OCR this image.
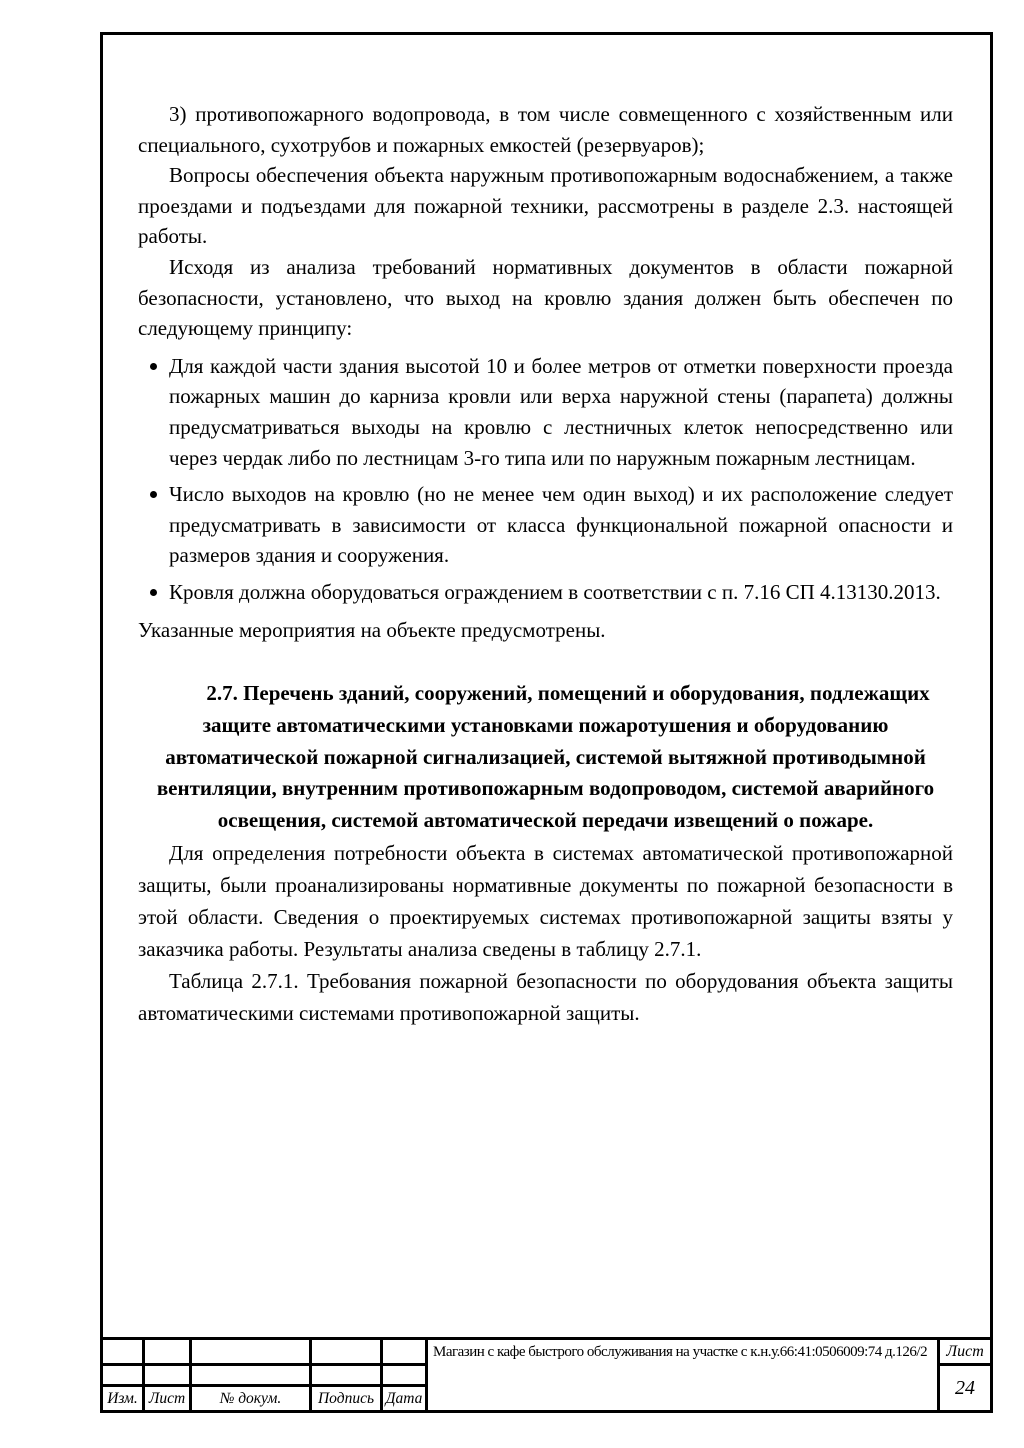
3) противопожарного водопровода, в том числе совмещенного с хозяйственным или специального, сухотрубов и пожарных емкостей (резервуаров);

Вопросы обеспечения объекта наружным противопожарным водоснабжением, а также проездами и подъездами для пожарной техники, рассмотрены в разделе 2.3. настоящей работы.

Исходя из анализа требований нормативных документов в области пожарной безопасности, установлено, что выход на кровлю здания должен быть обеспечен по следующему принципу:

Для каждой части здания высотой 10 и более метров от отметки поверхности проезда пожарных машин до карниза кровли или верха наружной стены (парапета) должны предусматриваться выходы на кровлю с лестничных клеток непосредственно или через чердак либо по лестницам 3-го типа или по наружным пожарным лестницам.
Число выходов на кровлю (но не менее чем один выход) и их расположение следует предусматривать в зависимости от класса функциональной пожарной опасности и размеров здания и сооружения.
Кровля должна оборудоваться ограждением в соответствии с п. 7.16 СП 4.13130.2013.

Указанные мероприятия на объекте предусмотрены.

2.7. Перечень зданий, сооружений, помещений и оборудования, подлежащих защите автоматическими установками пожаротушения и оборудованию автоматической пожарной сигнализацией, системой вытяжной противодымной вентиляции, внутренним противопожарным водопроводом, системой аварийного освещения, системой автоматической передачи извещений о пожаре.

Для определения потребности объекта в системах автоматической противопожарной защиты, были проанализированы нормативные документы по пожарной безопасности в этой области. Сведения о проектируемых системах противопожарной защиты взяты у заказчика работы. Результаты анализа сведены в таблицу 2.7.1.

Таблица 2.7.1. Требования пожарной безопасности по оборудования объекта защиты автоматическими системами противопожарной защиты.

Магазин с кафе быстрого обслуживания на участке с к.н.у.66:41:0506009:74 д.126/2	Лист
24
Изм. Лист	№ докум.	Подпись Дата
